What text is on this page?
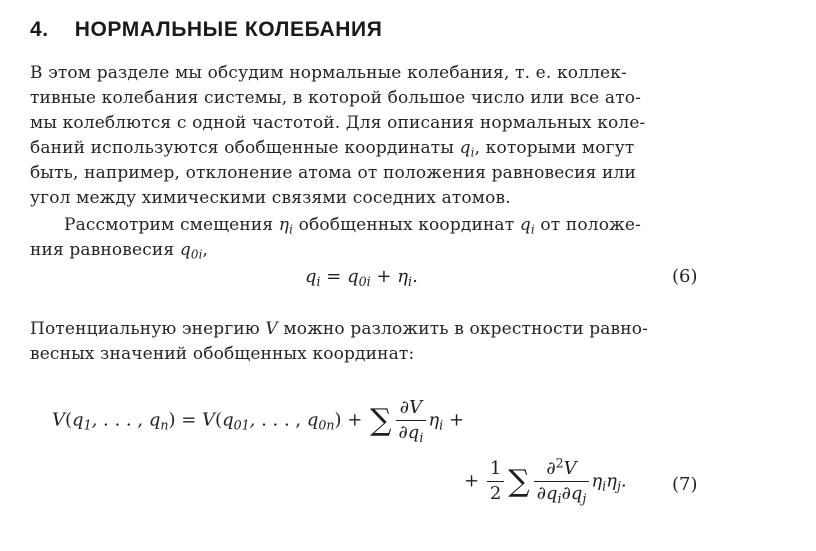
4. НОРМАЛЬНЫЕ КОЛЕБАНИЯ
В этом разделе мы обсудим нормальные колебания, т. е. коллек-
тивные колебания системы, в которой большое число или все ато-
мы колеблются с одной частотой. Для описания нормальных коле-
баний используются обобщенные координаты $q_i$, которыми могут
быть, например, отклонение атома от положения равновесия или
угол между химическими связями соседних атомов.
Рассмотрим смещения $\eta_i$ обобщенных координат $q_i$ от положе-
ния равновесия $q_{0i}$,
$q_i = q_{0i} + \eta_i$.	(6)
Потенциальную энергию V можно разложить в окрестности равно-
весных значений обобщенных координат:
$V(q_1$, . . . , $q_n) = V(q_{01}$, . . . , $q_{0n}$) + ∑ $\frac{\partial V}{\partial q_i} \eta_i$ +
+ $\frac{1}{2}$ ∑ $\frac{\partial^2V}{\partial q_i\partial q_j} \eta_i\eta_j$.	(7)
